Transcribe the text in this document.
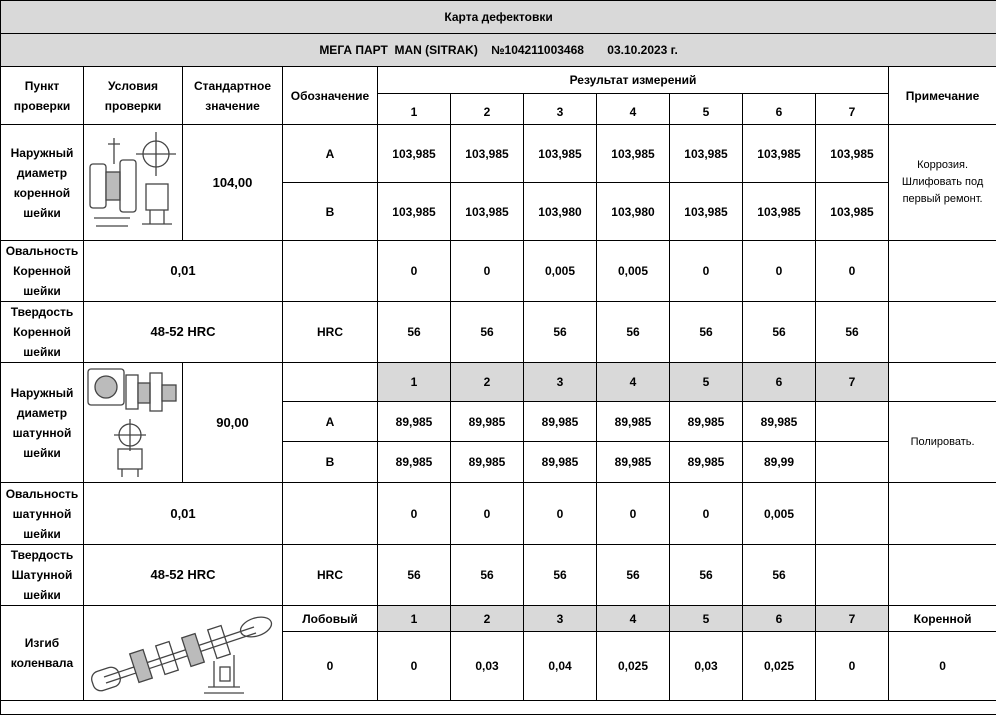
Карта дефектовки											
МЕГА ПАРТ  MAN (SITRAK)    №104211003468       03.10.2023 г.											
Пункт проверки	Условия проверки	Стандартное значение	Обозначение	Результат измерений							Примечание
				1	2	3	4	5	6	7	
Наружный диаметр коренной шейки		104,00	A	103,985	103,985	103,985	103,985	103,985	103,985	103,985	Коррозия. Шлифовать под первый ремонт.
			B	103,985	103,985	103,980	103,980	103,985	103,985	103,985	
Овальность Коренной шейки	0,01			0	0	0,005	0,005	0	0	0	
Твердость Коренной шейки	48-52 HRC		HRC	56	56	56	56	56	56	56	
Наружный диаметр шатунной шейки		90,00		1	2	3	4	5	6	7	
			A	89,985	89,985	89,985	89,985	89,985	89,985		Полировать.
			B	89,985	89,985	89,985	89,985	89,985	89,99		
Овальность шатунной шейки	0,01			0	0	0	0	0	0,005		
Твердость Шатунной шейки	48-52 HRC		HRC	56	56	56	56	56	56		
Изгиб коленвала			Лобовый	1	2	3	4	5	6	7	Коренной
			0	0	0,03	0,04	0,025	0,03	0,025	0	0
